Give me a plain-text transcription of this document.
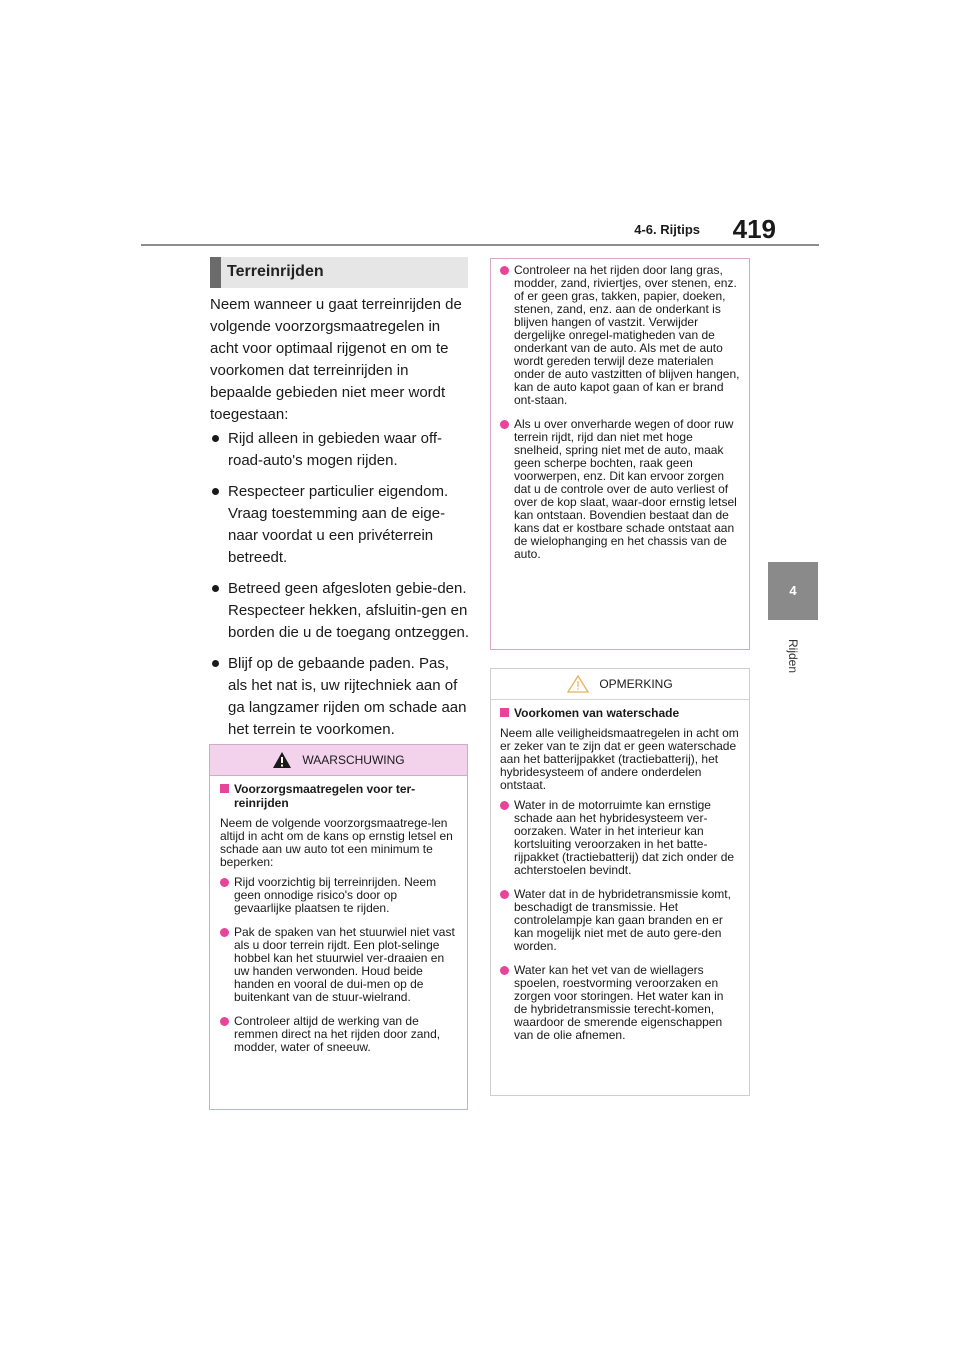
4-6. Rijtips	419
4
Rijden
Terreinrijden

Neem wanneer u gaat terreinrijden de volgende voorzorgsmaatregelen in acht voor optimaal rijgenot en om te voorkomen dat terreinrijden in bepaalde gebieden niet meer wordt toegestaan:

Rijd alleen in gebieden waar off-road-auto's mogen rijden.
Respecteer particulier eigendom. Vraag toestemming aan de eige-naar voordat u een privéterrein betreedt.
Betreed geen afgesloten gebie-den. Respecteer hekken, afsluitin-gen en borden die u de toegang ontzeggen.
Blijf op de gebaande paden. Pas, als het nat is, uw rijtechniek aan of ga langzamer rijden om schade aan het terrein te voorkomen.
WAARSCHUWING
Voorzorgsmaatregelen voor ter-reinrijden

Neem de volgende voorzorgsmaatrege-len altijd in acht om de kans op ernstig letsel en schade aan uw auto tot een minimum te beperken:

Rijd voorzichtig bij terreinrijden. Neem geen onnodige risico's door op gevaarlijke plaatsen te rijden.

Pak de spaken van het stuurwiel niet vast als u door terrein rijdt. Een plot-selinge hobbel kan het stuurwiel ver-draaien en uw handen verwonden. Houd beide handen en vooral de dui-men op de buitenkant van de stuur-wielrand.

Controleer altijd de werking van de remmen direct na het rijden door zand, modder, water of sneeuw.

Controleer na het rijden door lang gras, modder, zand, riviertjes, over stenen, enz. of er geen gras, takken, papier, doeken, stenen, zand, enz. aan de onderkant is blijven hangen of vastzit. Verwijder dergelijke onregel-matigheden van de onderkant van de auto. Als met de auto wordt gereden terwijl deze materialen onder de auto vastzitten of blijven hangen, kan de auto kapot gaan of kan er brand ont-staan.

Als u over onverharde wegen of door ruw terrein rijdt, rijd dan niet met hoge snelheid, spring niet met de auto, maak geen scherpe bochten, raak geen voorwerpen, enz. Dit kan ervoor zorgen dat u de controle over de auto verliest of over de kop slaat, waar-door ernstig letsel kan ontstaan. Bovendien bestaat dan de kans dat er kostbare schade ontstaat aan de wielophanging en het chassis van de auto.

OPMERKING
Voorkomen van waterschade

Neem alle veiligheidsmaatregelen in acht om er zeker van te zijn dat er geen waterschade aan het batterijpakket (tractiebatterij), het hybridesysteem of andere onderdelen ontstaat.

Water in de motorruimte kan ernstige schade aan het hybridesysteem ver-oorzaken. Water in het interieur kan kortsluiting veroorzaken in het batte-rijpakket (tractiebatterij) dat zich onder de achterstoelen bevindt.

Water dat in de hybridetransmissie komt, beschadigt de transmissie. Het controlelampje kan gaan branden en er kan mogelijk niet met de auto gere-den worden.

Water kan het vet van de wiellagers spoelen, roestvorming veroorzaken en zorgen voor storingen. Het water kan in de hybridetransmissie terecht-komen, waardoor de smerende eigenschappen van de olie afnemen.
